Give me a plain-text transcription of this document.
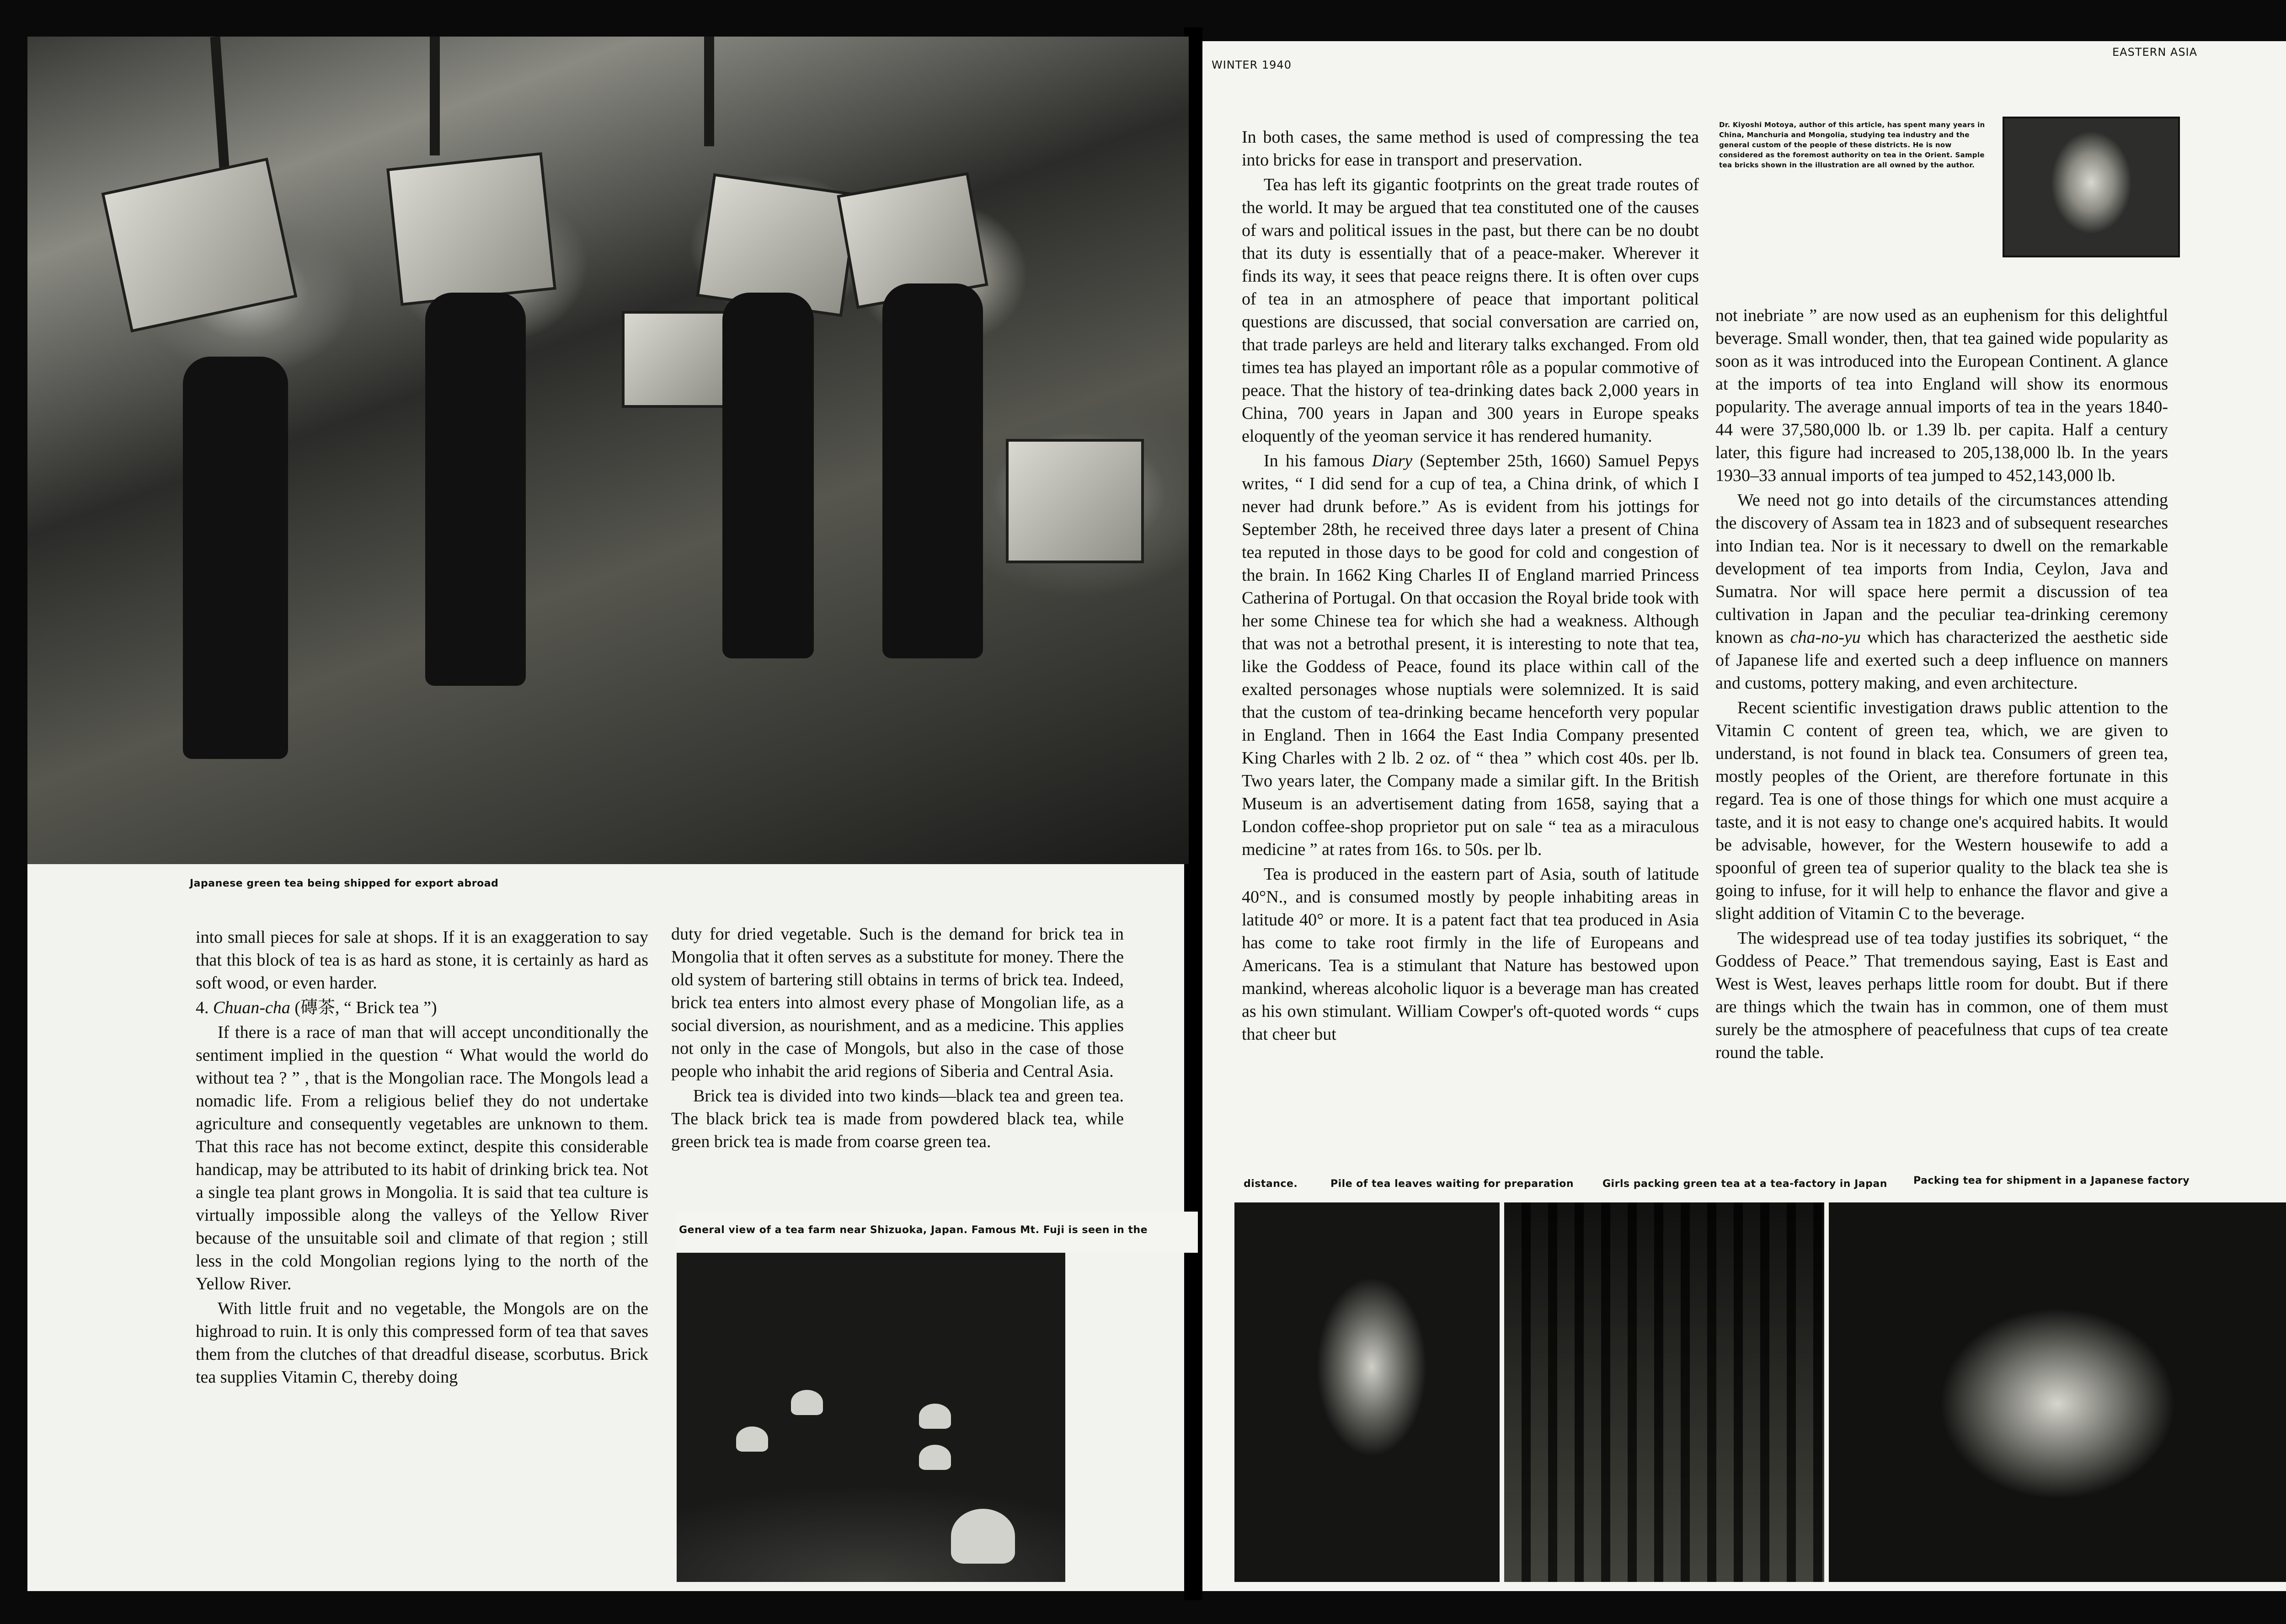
Japanese green tea being shipped for export abroad

into small pieces for sale at shops. If it is an exaggeration to say that this block of tea is as hard as stone, it is certainly as hard as soft wood, or even harder.

4. Chuan-cha (磚茶, “ Brick tea ”)

If there is a race of man that will accept unconditionally the sentiment implied in the question “ What would the world do without tea ? ” , that is the Mongolian race. The Mongols lead a nomadic life. From a religious belief they do not undertake agriculture and consequently vegetables are unknown to them. That this race has not become extinct, despite this considerable handicap, may be attributed to its habit of drinking brick tea. Not a single tea plant grows in Mongolia. It is said that tea culture is virtually impossible along the valleys of the Yellow River because of the unsuitable soil and climate of that region ; still less in the cold Mongolian regions lying to the north of the Yellow River.

With little fruit and no vegetable, the Mongols are on the highroad to ruin. It is only this compressed form of tea that saves them from the clutches of that dreadful disease, scorbutus. Brick tea supplies Vitamin C, thereby doing

duty for dried vegetable. Such is the demand for brick tea in Mongolia that it often serves as a substitute for money. There the old system of bartering still obtains in terms of brick tea. Indeed, brick tea enters into almost every phase of Mongolian life, as a social diversion, as nourishment, and as a medicine. This applies not only in the case of Mongols, but also in the case of those people who inhabit the arid regions of Siberia and Central Asia.

Brick tea is divided into two kinds—black tea and green tea. The black brick tea is made from powdered black tea, while green brick tea is made from coarse green tea.

General view of a tea farm near Shizuoka, Japan. Famous Mt. Fuji is seen in the
WINTER 1940
EASTERN ASIA
Dr. Kiyoshi Motoya, author of this article, has spent many years in China, Manchuria and Mongolia, studying tea industry and the general custom of the people of these districts. He is now considered as the foremost authority on tea in the Orient. Sample tea bricks shown in the illustration are all owned by the author.

In both cases, the same method is used of compressing the tea into bricks for ease in transport and preservation.

Tea has left its gigantic footprints on the great trade routes of the world. It may be argued that tea constituted one of the causes of wars and political issues in the past, but there can be no doubt that its duty is essentially that of a peace-maker. Wherever it finds its way, it sees that peace reigns there. It is often over cups of tea in an atmosphere of peace that important political questions are discussed, that social conversation are carried on, that trade parleys are held and literary talks exchanged. From old times tea has played an important rôle as a popular commotive of peace. That the history of tea-drinking dates back 2,000 years in China, 700 years in Japan and 300 years in Europe speaks eloquently of the yeoman service it has rendered humanity.

In his famous Diary (September 25th, 1660) Samuel Pepys writes, “ I did send for a cup of tea, a China drink, of which I never had drunk before.” As is evident from his jottings for September 28th, he received three days later a present of China tea reputed in those days to be good for cold and congestion of the brain. In 1662 King Charles II of England married Princess Catherina of Portugal. On that occasion the Royal bride took with her some Chinese tea for which she had a weakness. Although that was not a betrothal present, it is interesting to note that tea, like the Goddess of Peace, found its place within call of the exalted personages whose nuptials were solemnized. It is said that the custom of tea-drinking became henceforth very popular in England. Then in 1664 the East India Company presented King Charles with 2 lb. 2 oz. of “ thea ” which cost 40s. per lb. Two years later, the Company made a similar gift. In the British Museum is an advertisement dating from 1658, saying that a London coffee-shop proprietor put on sale “ tea as a miraculous medicine ” at rates from 16s. to 50s. per lb.

Tea is produced in the eastern part of Asia, south of latitude 40°N., and is consumed mostly by people inhabiting areas in latitude 40° or more. It is a patent fact that tea produced in Asia has come to take root firmly in the life of Europeans and Americans. Tea is a stimulant that Nature has bestowed upon mankind, whereas alcoholic liquor is a beverage man has created as his own stimulant. William Cowper's oft-quoted words “ cups that cheer but

not inebriate ” are now used as an euphenism for this delightful beverage. Small wonder, then, that tea gained wide popularity as soon as it was introduced into the European Continent. A glance at the imports of tea into England will show its enormous popularity. The average annual imports of tea in the years 1840-44 were 37,580,000 lb. or 1.39 lb. per capita. Half a century later, this figure had increased to 205,138,000 lb. In the years 1930–33 annual imports of tea jumped to 452,143,000 lb.

We need not go into details of the circumstances attending the discovery of Assam tea in 1823 and of subsequent researches into Indian tea. Nor is it necessary to dwell on the remarkable development of tea imports from India, Ceylon, Java and Sumatra. Nor will space here permit a discussion of tea cultivation in Japan and the peculiar tea-drinking ceremony known as cha-no-yu which has characterized the aesthetic side of Japanese life and exerted such a deep influence on manners and customs, pottery making, and even architecture.

Recent scientific investigation draws public attention to the Vitamin C content of green tea, which, we are given to understand, is not found in black tea. Consumers of green tea, mostly peoples of the Orient, are therefore fortunate in this regard. Tea is one of those things for which one must acquire a taste, and it is not easy to change one's acquired habits. It would be advisable, however, for the Western housewife to add a spoonful of green tea of superior quality to the black tea she is going to infuse, for it will help to enhance the flavor and give a slight addition of Vitamin C to the beverage.

The widespread use of tea today justifies its sobriquet, “ the Goddess of Peace.” That tremendous saying, East is East and West is West, leaves perhaps little room for doubt. But if there are things which the twain has in common, one of them must surely be the atmosphere of peacefulness that cups of tea create round the table.

distance.	Pile of tea leaves waiting for preparation	Girls packing green tea at a tea-factory in Japan	Packing tea for shipment in a Japanese factory
